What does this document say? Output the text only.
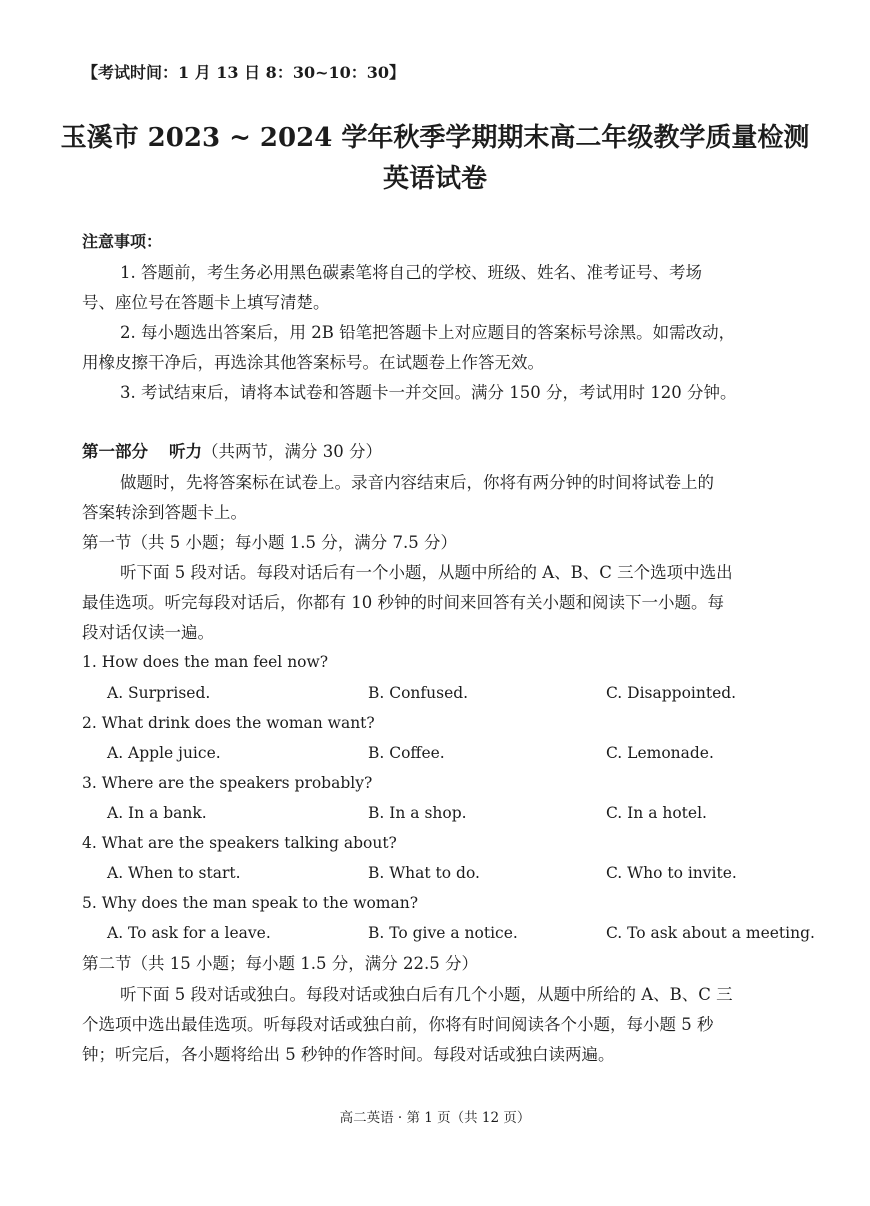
【考试时间：1 月 13 日 8：30~10：30】
玉溪市 2023 ~ 2024 学年秋季学期期末高二年级教学质量检测
英语试卷
注意事项：
1. 答题前，考生务必用黑色碳素笔将自己的学校、班级、姓名、准考证号、考场
号、座位号在答题卡上填写清楚。
2. 每小题选出答案后，用 2B 铅笔把答题卡上对应题目的答案标号涂黑。如需改动，
用橡皮擦干净后，再选涂其他答案标号。在试题卷上作答无效。
3. 考试结束后，请将本试卷和答题卡一并交回。满分 150 分，考试用时 120 分钟。
第一部分 听力（共两节，满分 30 分）
做题时，先将答案标在试卷上。录音内容结束后，你将有两分钟的时间将试卷上的
答案转涂到答题卡上。
第一节（共 5 小题；每小题 1.5 分，满分 7.5 分）
听下面 5 段对话。每段对话后有一个小题，从题中所给的 A、B、C 三个选项中选出
最佳选项。听完每段对话后，你都有 10 秒钟的时间来回答有关小题和阅读下一小题。每
段对话仅读一遍。
1. How does the man feel now?
A. Surprised.	B. Confused.	C. Disappointed.
2. What drink does the woman want?
A. Apple juice.	B. Coffee.	C. Lemonade.
3. Where are the speakers probably?
A. In a bank.	B. In a shop.	C. In a hotel.
4. What are the speakers talking about?
A. When to start.	B. What to do.	C. Who to invite.
5. Why does the man speak to the woman?
A. To ask for a leave.	B. To give a notice.	C. To ask about a meeting.
第二节（共 15 小题；每小题 1.5 分，满分 22.5 分）
听下面 5 段对话或独白。每段对话或独白后有几个小题，从题中所给的 A、B、C 三
个选项中选出最佳选项。听每段对话或独白前，你将有时间阅读各个小题，每小题 5 秒
钟；听完后，各小题将给出 5 秒钟的作答时间。每段对话或独白读两遍。
高二英语 · 第 1 页（共 12 页）
